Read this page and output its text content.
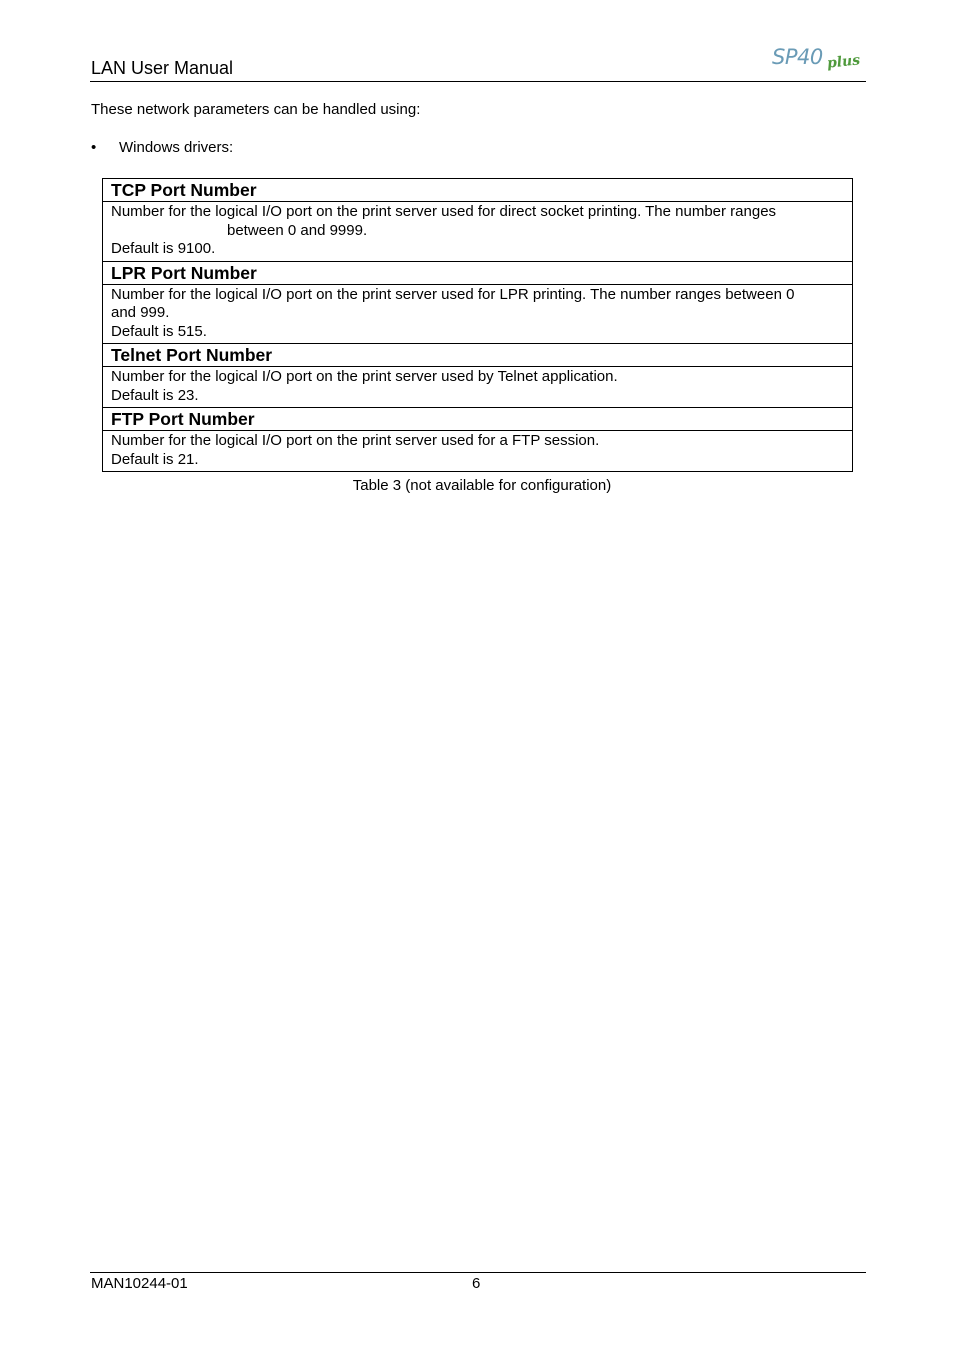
LAN User Manual	SP40 plus
These network parameters can be handled using:
• Windows drivers:
TCP Port Number
Number for the logical I/O port on the print server used for direct socket printing. The number ranges
between 0 and 9999.
Default is 9100.
LPR Port Number
Number for the logical I/O port on the print server used for LPR printing. The number ranges between 0
and 999.
Default is 515.
Telnet Port Number
Number for the logical I/O port on the print server used by Telnet application.
Default is 23.
FTP Port Number
Number for the logical I/O port on the print server used for a FTP session.
Default is 21.
Table 3 (not available for configuration)
MAN10244-01	6
